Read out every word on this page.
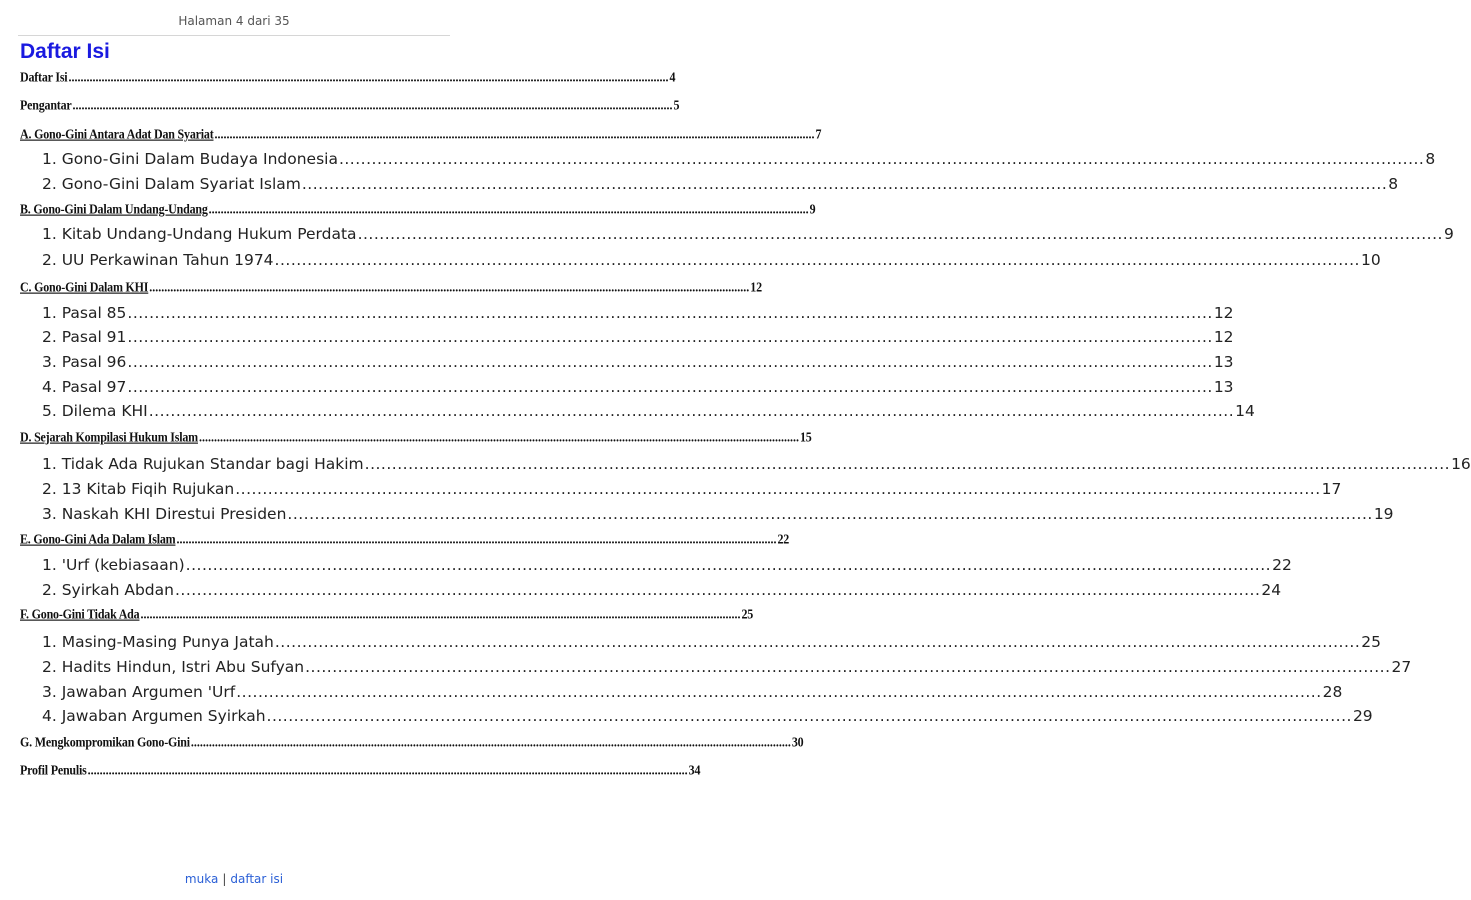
Halaman 4 dari 35
Daftar Isi
Daftar Isi ........................................................................................................................................................................................................ 4
Pengantar ........................................................................................................................................................................................................ 5
A. Gono-Gini Antara Adat Dan Syariat ........................................................................................................................................................................................................ 7
1. Gono-Gini Dalam Budaya Indonesia ........................................................................................................................................................................................................ 8
2. Gono-Gini Dalam Syariat Islam ........................................................................................................................................................................................................ 8
B. Gono-Gini Dalam Undang-Undang ........................................................................................................................................................................................................ 9
1. Kitab Undang-Undang Hukum Perdata ........................................................................................................................................................................................................ 9
2. UU Perkawinan Tahun 1974 ........................................................................................................................................................................................................ 10
C. Gono-Gini Dalam KHI ........................................................................................................................................................................................................ 12
1. Pasal 85 ........................................................................................................................................................................................................ 12
2. Pasal 91 ........................................................................................................................................................................................................ 12
3. Pasal 96 ........................................................................................................................................................................................................ 13
4. Pasal 97 ........................................................................................................................................................................................................ 13
5. Dilema KHI ........................................................................................................................................................................................................ 14
D. Sejarah Kompilasi Hukum Islam ........................................................................................................................................................................................................ 15
1. Tidak Ada Rujukan Standar bagi Hakim ........................................................................................................................................................................................................ 16
2. 13 Kitab Fiqih Rujukan ........................................................................................................................................................................................................ 17
3. Naskah KHI Direstui Presiden ........................................................................................................................................................................................................ 19
E. Gono-Gini Ada Dalam Islam ........................................................................................................................................................................................................ 22
1. 'Urf (kebiasaan) ........................................................................................................................................................................................................ 22
2. Syirkah Abdan ........................................................................................................................................................................................................ 24
F. Gono-Gini Tidak Ada ........................................................................................................................................................................................................ 25
1. Masing-Masing Punya Jatah ........................................................................................................................................................................................................ 25
2. Hadits Hindun, Istri Abu Sufyan ........................................................................................................................................................................................................ 27
3. Jawaban Argumen 'Urf ........................................................................................................................................................................................................ 28
4. Jawaban Argumen Syirkah ........................................................................................................................................................................................................ 29
G. Mengkompromikan Gono-Gini ........................................................................................................................................................................................................ 30
Profil Penulis ........................................................................................................................................................................................................ 34
muka | daftar isi
